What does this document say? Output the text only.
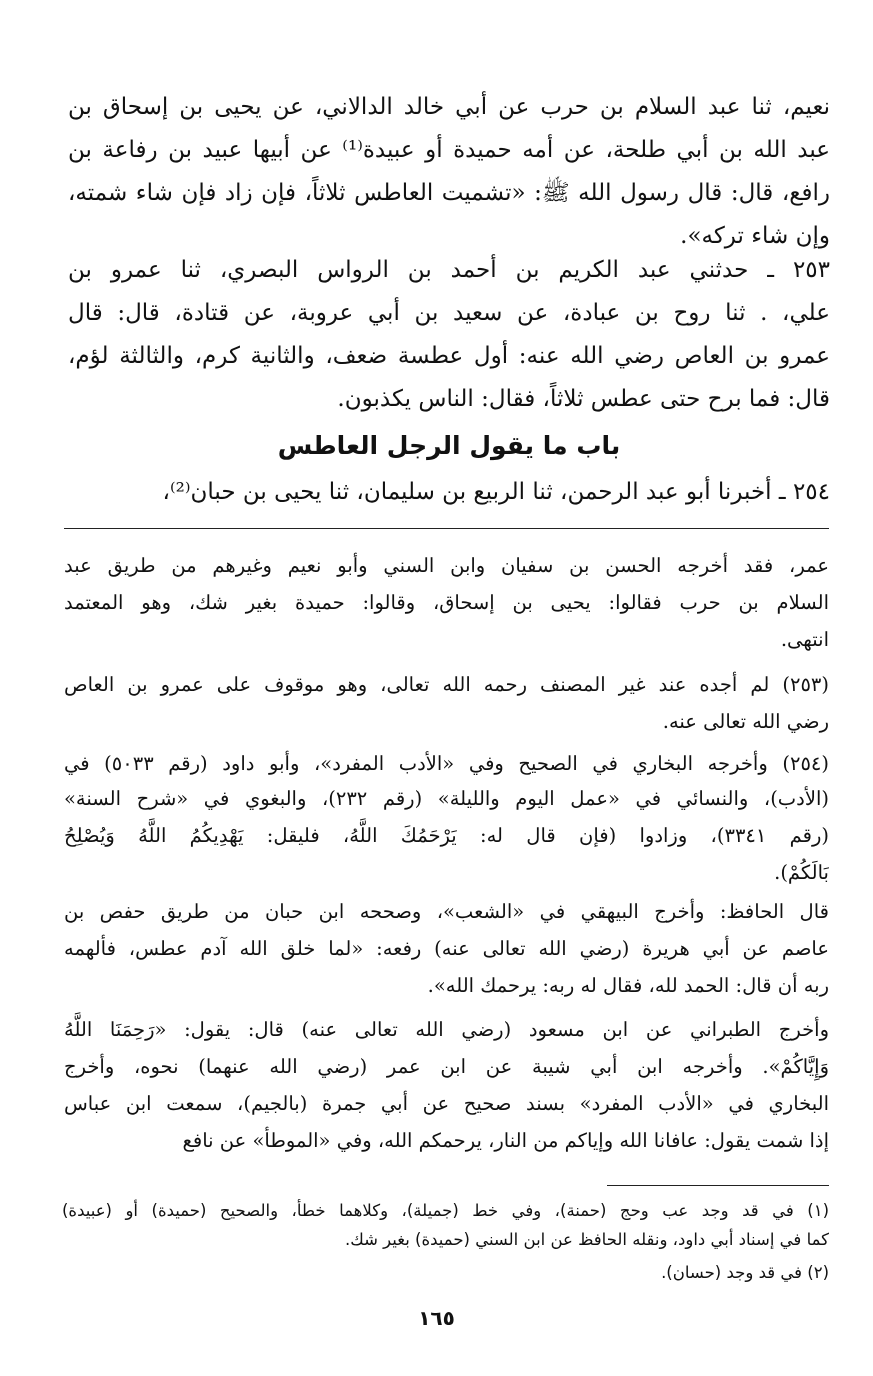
نعيم، ثنا عبد السلام بن حرب عن أبي خالد الدالاني، عن يحيى بن إسحاق بن
عبد الله بن أبي طلحة، عن أمه حميدة أو عبيدة⁽¹⁾ عن أبيها عبيد بن رفاعة بن
رافع، قال: قال رسول الله ﷺ: «تشميت العاطس ثلاثاً، فإن زاد فإن شاء شمته،
وإن شاء تركه».
٢٥٣ ـ حدثني عبد الكريم بن أحمد بن الرواس البصري، ثنا عمرو بن
علي، . ثنا روح بن عبادة، عن سعيد بن أبي عروبة، عن قتادة، قال: قال
عمرو بن العاص رضي الله عنه: أول عطسة ضعف، والثانية كرم، والثالثة لؤم،
قال: فما برح حتى عطس ثلاثاً، فقال: الناس يكذبون.
باب ما يقول الرجل العاطس
٢٥٤ ـ أخبرنا أبو عبد الرحمن، ثنا الربيع بن سليمان، ثنا يحيى بن حبان⁽²⁾،
عمر، فقد أخرجه الحسن بن سفيان وابن السني وأبو نعيم وغيرهم من طريق عبد
السلام بن حرب فقالوا: يحيى بن إسحاق، وقالوا: حميدة بغير شك، وهو المعتمد
انتهى.
(٢٥٣) لم أجده عند غير المصنف رحمه الله تعالى، وهو موقوف على عمرو بن العاص
رضي الله تعالى عنه.
(٢٥٤) وأخرجه البخاري في الصحيح وفي «الأدب المفرد»، وأبو داود (رقم ٥٠٣٣) في
(الأدب)، والنسائي في «عمل اليوم والليلة» (رقم ٢٣٢)، والبغوي في «شرح السنة»
(رقم ٣٣٤١)، وزادوا (فإن قال له: يَرْحَمُكَ اللَّهُ، فليقل: يَهْدِيكُمُ اللَّهُ وَيُصْلِحُ
بَالَكُمْ).
قال الحافظ: وأخرج البيهقي في «الشعب»، وصححه ابن حبان من طريق حفص بن
عاصم عن أبي هريرة (رضي الله تعالى عنه) رفعه: «لما خلق الله آدم عطس، فألهمه
ربه أن قال: الحمد لله، فقال له ربه: يرحمك الله».
وأخرج الطبراني عن ابن مسعود (رضي الله تعالى عنه) قال: يقول: «رَحِمَنَا اللَّهُ
وَإِيَّاكُمْ». وأخرجه ابن أبي شيبة عن ابن عمر (رضي الله عنهما) نحوه، وأخرج
البخاري في «الأدب المفرد» بسند صحيح عن أبي جمرة (بالجيم)، سمعت ابن عباس
إذا شمت يقول: عافانا الله وإياكم من النار، يرحمكم الله، وفي «الموطأ» عن نافع
(١) في قد وجد عب وحج (حمنة)، وفي خط (جميلة)، وكلاهما خطأ، والصحيح (حميدة) أو (عبيدة)
كما في إسناد أبي داود، ونقله الحافظ عن ابن السني (حميدة) بغير شك.
(٢) في قد وجد (حسان).
١٦٥
